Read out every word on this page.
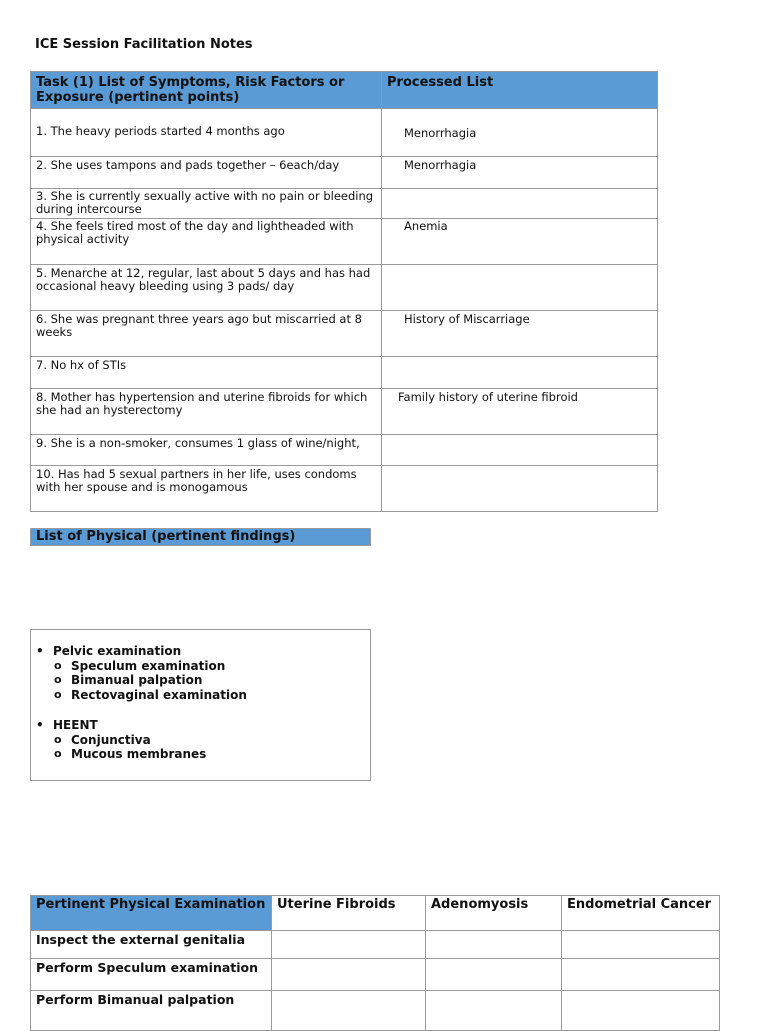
ICE Session Facilitation Notes
Task (1) List of Symptoms, Risk Factors or Exposure (pertinent points)	Processed List
1. The heavy periods started 4 months ago	Menorrhagia
2. She uses tampons and pads together – 6each/day	Menorrhagia
3. She is currently sexually active with no pain or bleeding    during intercourse	
4. She feels tired most of the day and lightheaded with physical activity	Anemia
5. Menarche at 12, regular, last about 5 days and has had occasional heavy bleeding using 3 pads/ day	
6. She was pregnant three years ago but miscarried at 8 weeks	History of Miscarriage
7. No hx of STIs	
8. Mother has hypertension and uterine fibroids for which she had an hysterectomy	Family history of uterine fibroid
9. She is a non-smoker, consumes 1 glass of wine/night,	
10. Has had 5 sexual partners in her life, uses condoms with her spouse and is monogamous	
List of Physical (pertinent findings)
• Pelvic examination
o Speculum examination
o Bimanual palpation
o Rectovaginal examination
• HEENT
o Conjunctiva
o Mucous membranes
Pertinent Physical Examination	Uterine Fibroids	Adenomyosis	Endometrial Cancer
Inspect the external genitalia			
Perform Speculum examination			
Perform Bimanual palpation			
